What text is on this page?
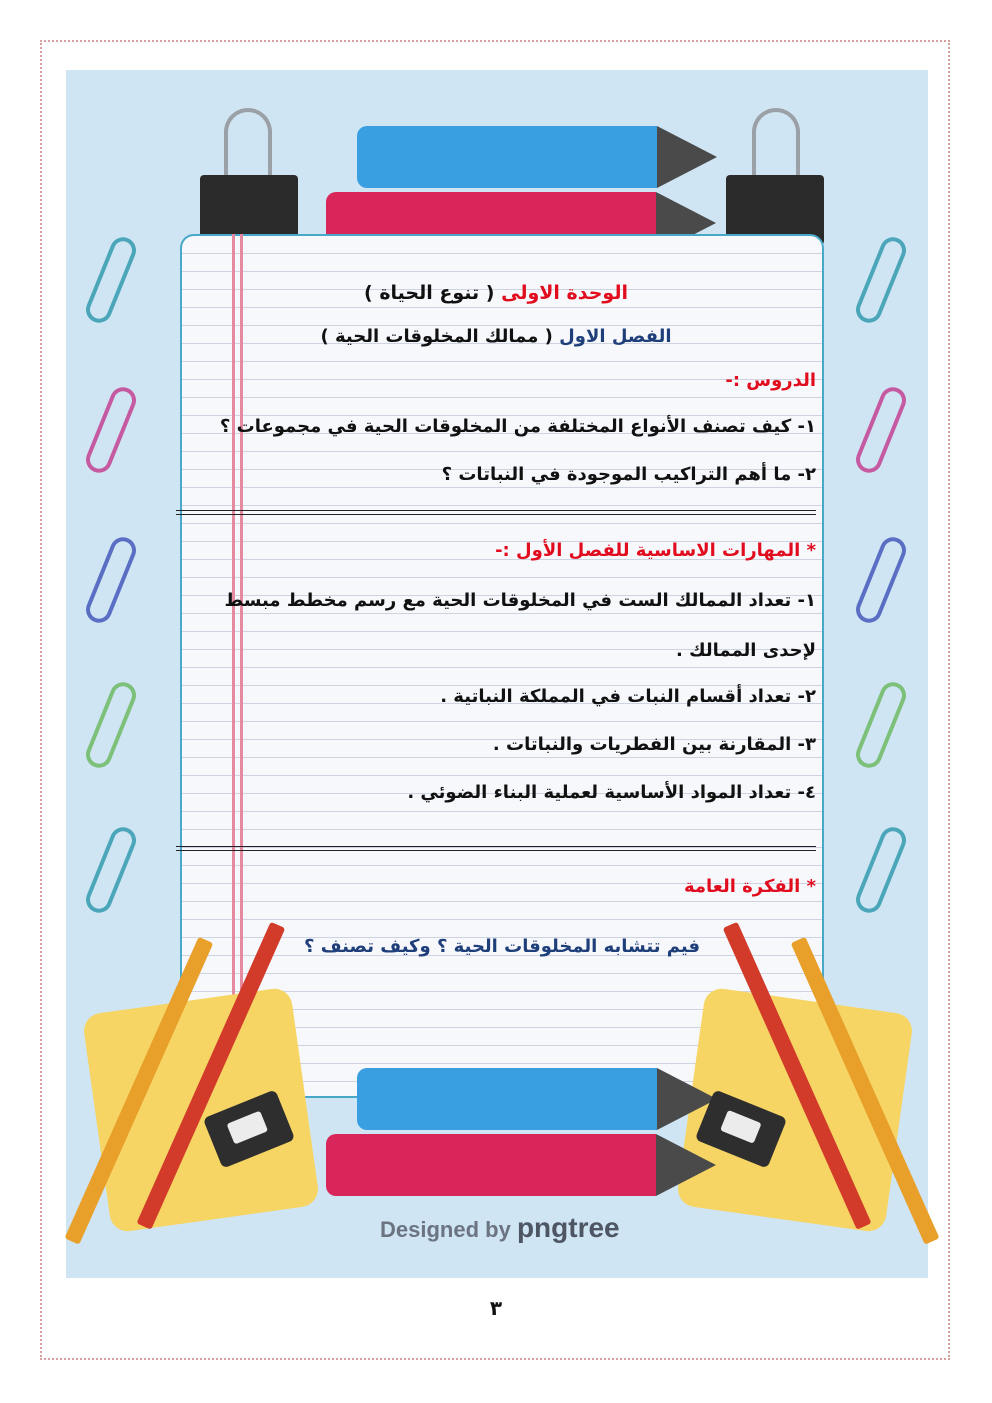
Designed by pngtree
الوحدة الاولى ( تنوع الحياة )
الفصل الاول ( ممالك المخلوقات الحية )
الدروس :-
١- كيف تصنف الأنواع المختلفة من المخلوقات الحية في مجموعات ؟
٢- ما أهم التراكيب الموجودة في النباتات ؟
* المهارات الاساسية للفصل الأول :-
١- تعداد الممالك الست في المخلوقات الحية مع رسم مخطط مبسط
لإحدى الممالك .
٢- تعداد أقسام النبات في المملكة النباتية .
٣- المقارنة بين الفطريات والنباتات .
٤- تعداد المواد الأساسية لعملية البناء الضوئي .
* الفكرة العامة
فيم تتشابه المخلوقات الحية ؟ وكيف تصنف ؟
٣
